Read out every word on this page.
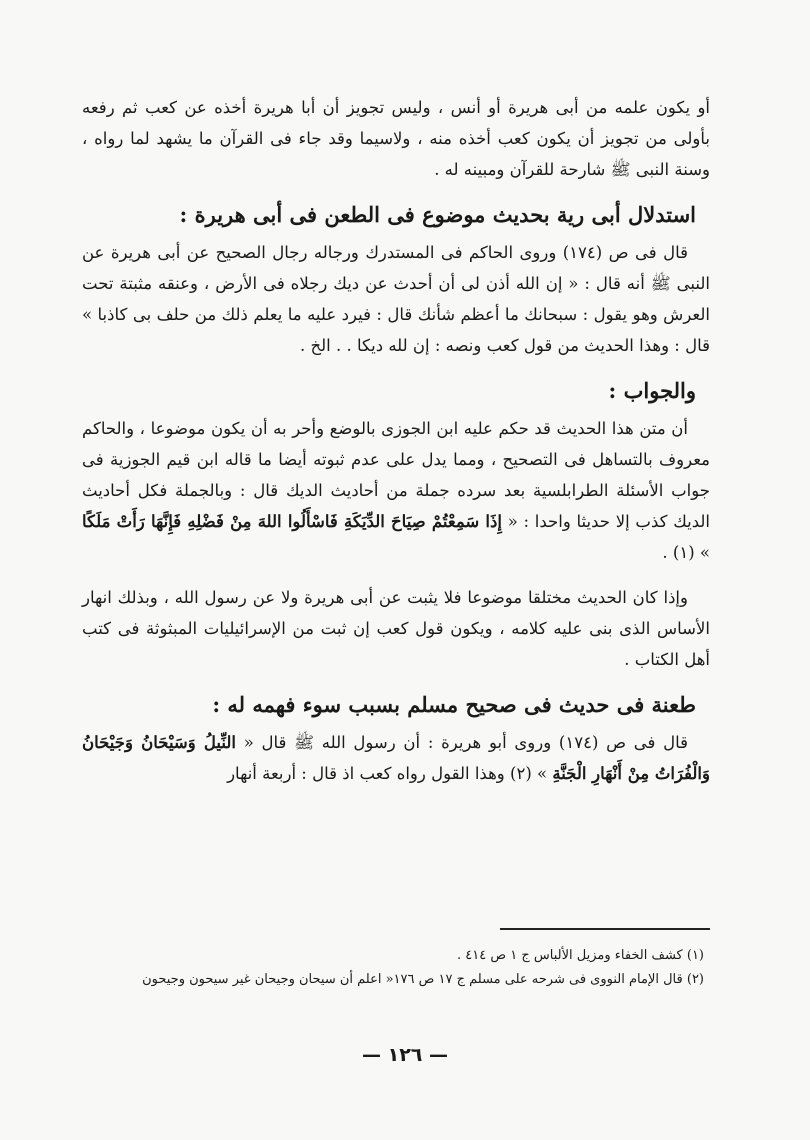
أو يكون علمه من أبى هريرة أو أنس ، وليس تجويز أن أبا هريرة أخذه عن كعب ثم رفعه بأولى من تجويز أن يكون كعب أخذه منه ، ولاسيما وقد جاء فى القرآن ما يشهد لما رواه ، وسنة النبى ﷺ شارحة للقرآن ومبينه له .

استدلال أبى رية بحديث موضوع فى الطعن فى أبى هريرة :

قال فى ص (١٧٤) وروى الحاكم فى المستدرك ورجاله رجال الصحيح عن أبى هريرة عن النبى ﷺ أنه قال : « إن الله أذن لى أن أحدث عن ديك رجلاه فى الأرض ، وعنقه مثبتة تحت العرش وهو يقول : سبحانك ما أعظم شأنك قال : فيرد عليه ما يعلم ذلك من حلف بى كاذبا » قال : وهذا الحديث من قول كعب ونصه : إن لله ديكا . . الخ .

والجواب :

أن متن هذا الحديث قد حكم عليه ابن الجوزى بالوضع وأحر به أن يكون موضوعا ، والحاكم معروف بالتساهل فى التصحيح ، ومما يدل على عدم ثبوته أيضا ما قاله ابن قيم الجوزية فى جواب الأسئلة الطرابلسية بعد سرده جملة من أحاديث الديك قال : وبالجملة فكل أحاديث الديك كذب إلا حديثا واحدا : « إِذَا سَمِعْتُمْ صِيَاحَ الدِّيَكَةِ فَاسْأَلُوا اللهَ مِنْ فَضْلِهِ فَإِنَّهَا رَأَتْ مَلَكًا » (١) .

وإذا كان الحديث مختلقا موضوعا فلا يثبت عن أبى هريرة ولا عن رسول الله ، وبذلك انهار الأساس الذى بنى عليه كلامه ، ويكون قول كعب إن ثبت من الإسرائيليات المبثوثة فى كتب أهل الكتاب .

طعنة فى حديث فى صحيح مسلم بسبب سوء فهمه له :

قال فى ص (١٧٤) وروى أبو هريرة : أن رسول الله ﷺ قال « النِّيلُ وَسَيْحَانُ وَجَيْحَانُ وَالْفُرَاتُ مِنْ أَنْهَارِ الْجَنَّةِ » (٢) وهذا القول رواه كعب اذ قال : أربعة أنهار

(١) كشف الخفاء ومزيل الألباس ج ١ ص ٤١٤ .

(٢) قال الإمام النووى فى شرحه على مسلم ج ١٧ ص ١٧٦« اعلم أن سيحان وجيحان غير سيحون وجيحون

— ١٢٦ —
